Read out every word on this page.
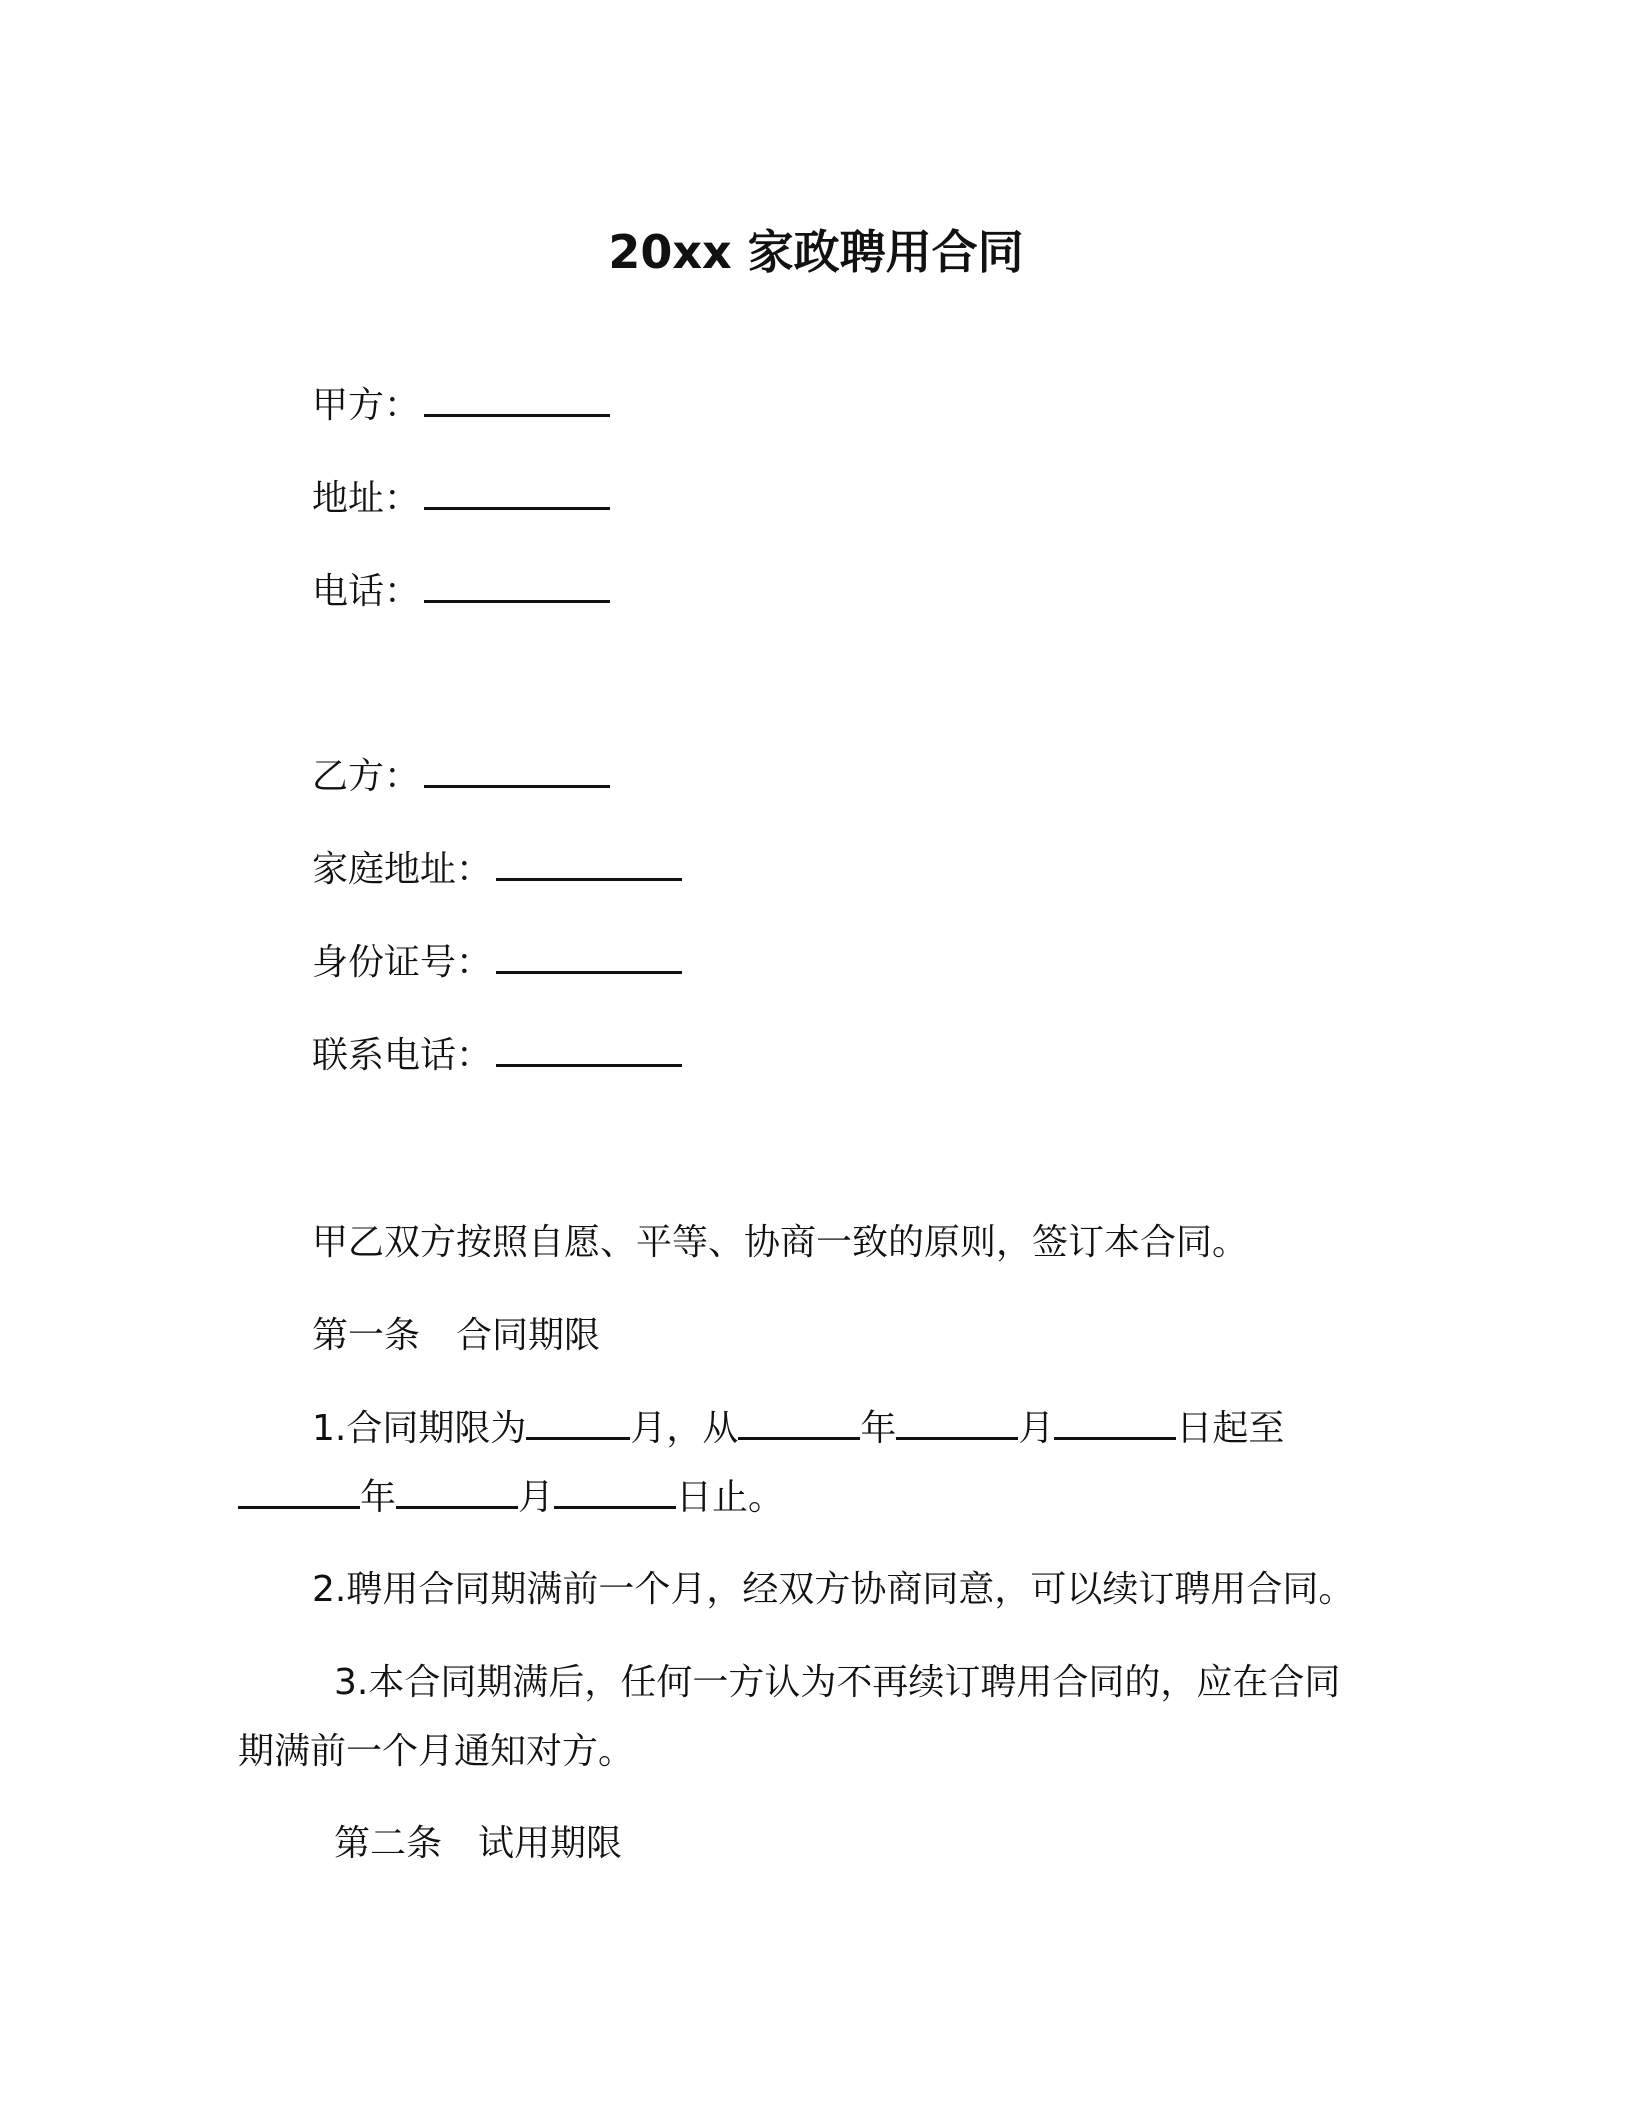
20xx 家政聘用合同
甲方：
地址：
电话：
乙方：
家庭地址：
身份证号：
联系电话：
甲乙双方按照自愿、平等、协商一致的原则，签订本合同。
第一条　合同期限
1.合同期限为	月，从	年	月	日起至
年	月	日止。
2.聘用合同期满前一个月，经双方协商同意，可以续订聘用合同。
3.本合同期满后，任何一方认为不再续订聘用合同的，应在合同
期满前一个月通知对方。
第二条　试用期限
